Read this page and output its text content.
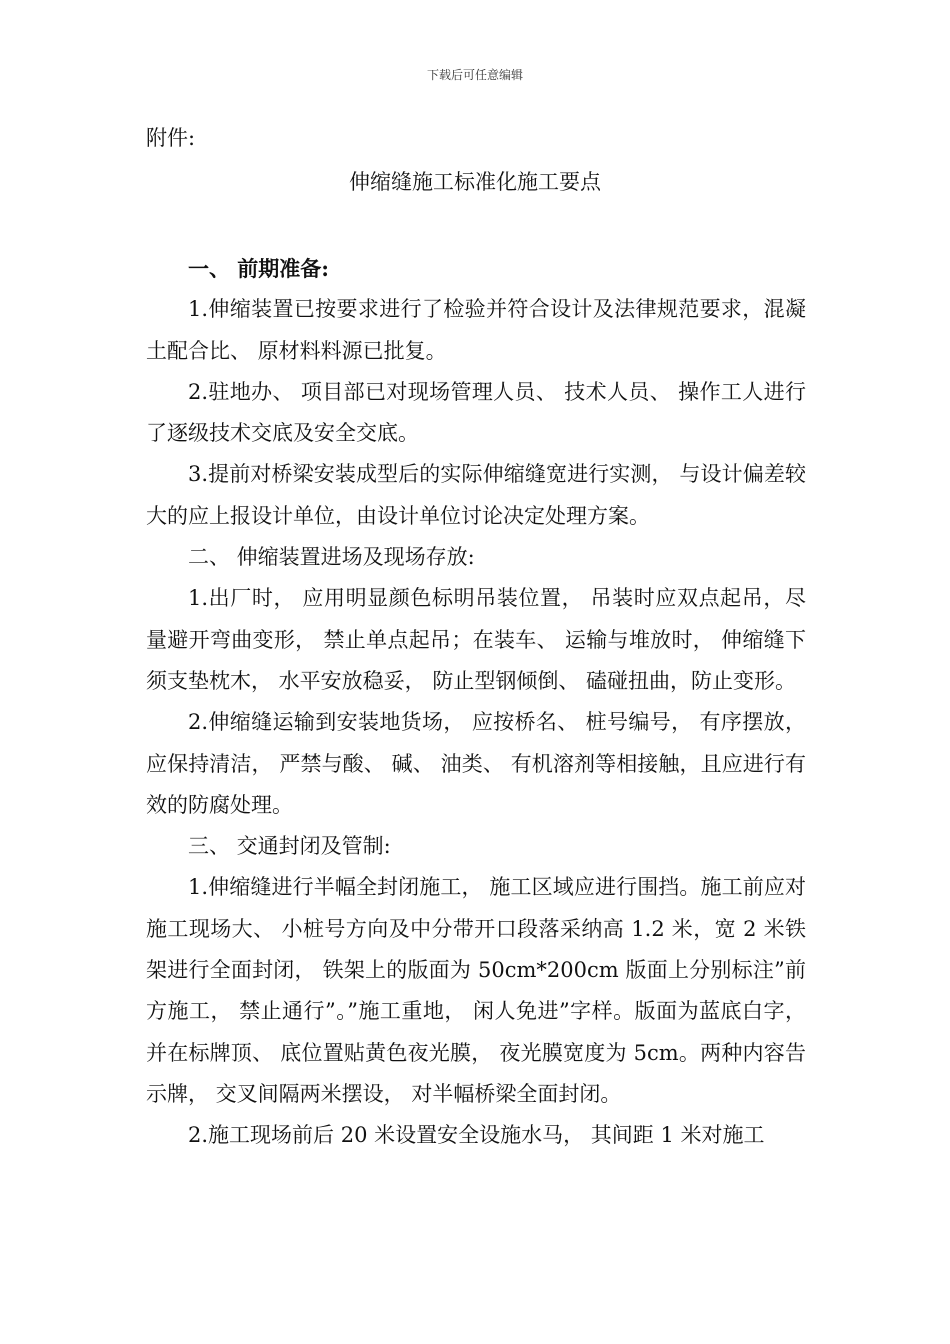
下载后可任意编辑
附件:
伸缩缝施工标准化施工要点
一、 前期准备:

1.伸缩装置已按要求进行了检验并符合设计及法律规范要求，混凝土配合比、 原材料料源已批复。

2.驻地办、 项目部已对现场管理人员、 技术人员、 操作工人进行了逐级技术交底及安全交底。

3.提前对桥梁安装成型后的实际伸缩缝宽进行实测， 与设计偏差较大的应上报设计单位，由设计单位讨论决定处理方案。

二、 伸缩装置进场及现场存放:

1.出厂时， 应用明显颜色标明吊装位置， 吊装时应双点起吊，尽量避开弯曲变形， 禁止单点起吊；在装车、 运输与堆放时， 伸缩缝下须支垫枕木， 水平安放稳妥， 防止型钢倾倒、 磕碰扭曲，防止变形。

2.伸缩缝运输到安装地货场， 应按桥名、 桩号编号， 有序摆放， 应保持清洁， 严禁与酸、 碱、 油类、 有机溶剂等相接触，且应进行有效的防腐处理。

三、 交通封闭及管制:

1.伸缩缝进行半幅全封闭施工， 施工区域应进行围挡。施工前应对施工现场大、 小桩号方向及中分带开口段落采纳高 1.2 米，宽 2 米铁架进行全面封闭， 铁架上的版面为 50cm*200cm 版面上分别标注”前方施工， 禁止通行”。”施工重地， 闲人免进”字样。版面为蓝底白字， 并在标牌顶、 底位置贴黄色夜光膜， 夜光膜宽度为 5cm。两种内容告示牌， 交叉间隔两米摆设， 对半幅桥梁全面封闭。

2.施工现场前后 20 米设置安全设施水马， 其间距 1 米对施工
